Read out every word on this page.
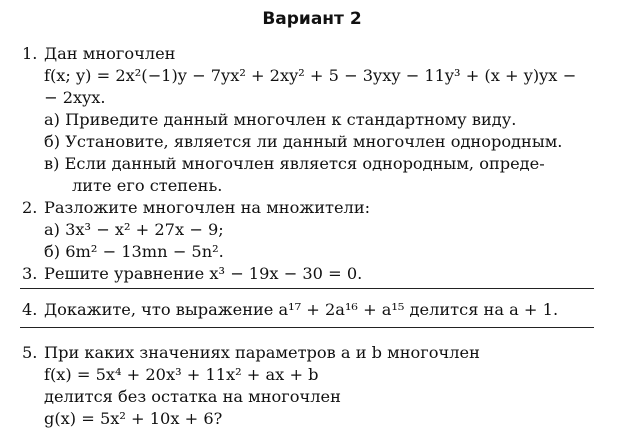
Вариант 2
1. Дан многочлен
f(x; y) = 2x²(−1)y − 7yx² + 2xy² + 5 − 3yxy − 11y³ + (x + y)yx −
− 2xyx.
а) Приведите данный многочлен к стандартному виду.
б) Установите, является ли данный многочлен однородным.
в) Если данный многочлен является однородным, опреде-
лите его степень.
2. Разложите многочлен на множители:
а) 3x³ − x² + 27x − 9;
б) 6m² − 13mn − 5n².
3. Решите уравнение x³ − 19x − 30 = 0.
4. Докажите, что выражение a¹⁷ + 2a¹⁶ + a¹⁵ делится на a + 1.
5. При каких значениях параметров a и b многочлен
f(x) = 5x⁴ + 20x³ + 11x² + ax + b
делится без остатка на многочлен
g(x) = 5x² + 10x + 6?
